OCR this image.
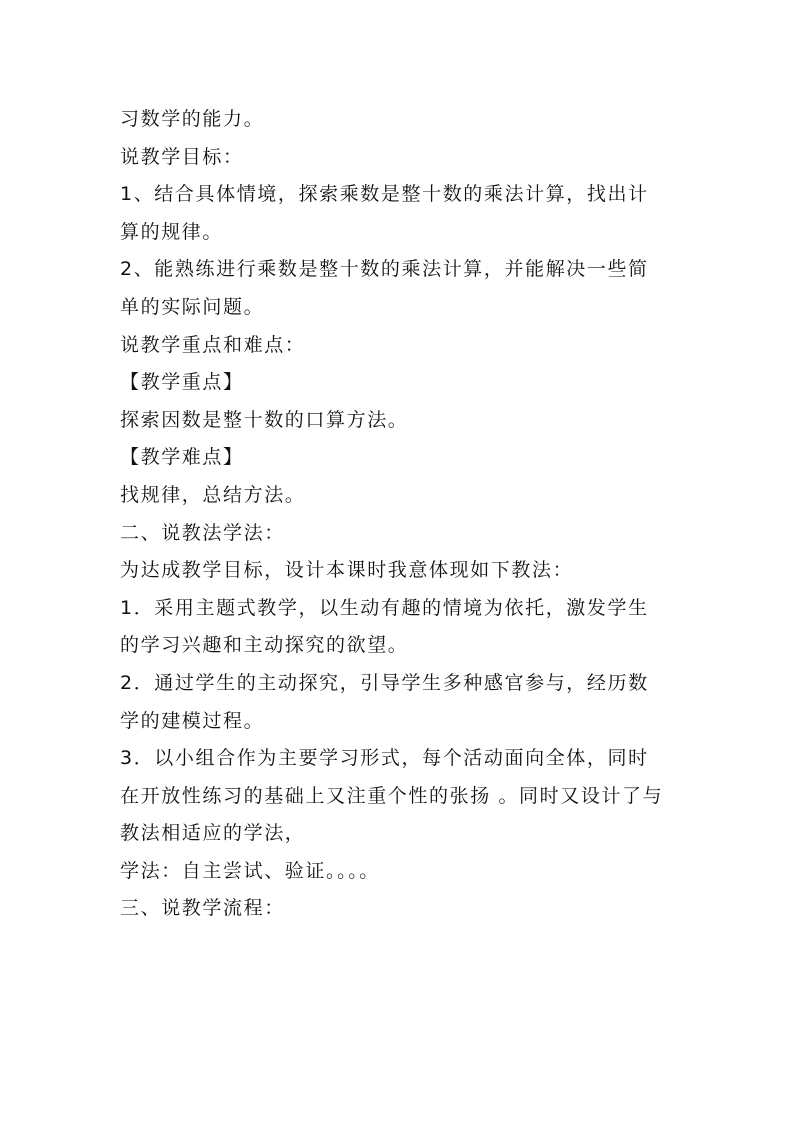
习数学的能力。
说教学目标：
1、结合具体情境，探索乘数是整十数的乘法计算，找出计
算的规律。
2、能熟练进行乘数是整十数的乘法计算，并能解决一些简
单的实际问题。
说教学重点和难点：
【教学重点】
探索因数是整十数的口算方法。
【教学难点】
找规律，总结方法。
二、说教法学法：
为达成教学目标，设计本课时我意体现如下教法：
1．采用主题式教学，以生动有趣的情境为依托，激发学生
的学习兴趣和主动探究的欲望。
2．通过学生的主动探究，引导学生多种感官参与，经历数
学的建模过程。
3．以小组合作为主要学习形式，每个活动面向全体，同时
在开放性练习的基础上又注重个性的张扬 。同时又设计了与
教法相适应的学法，
学法：自主尝试、验证。。。。
三、说教学流程：
